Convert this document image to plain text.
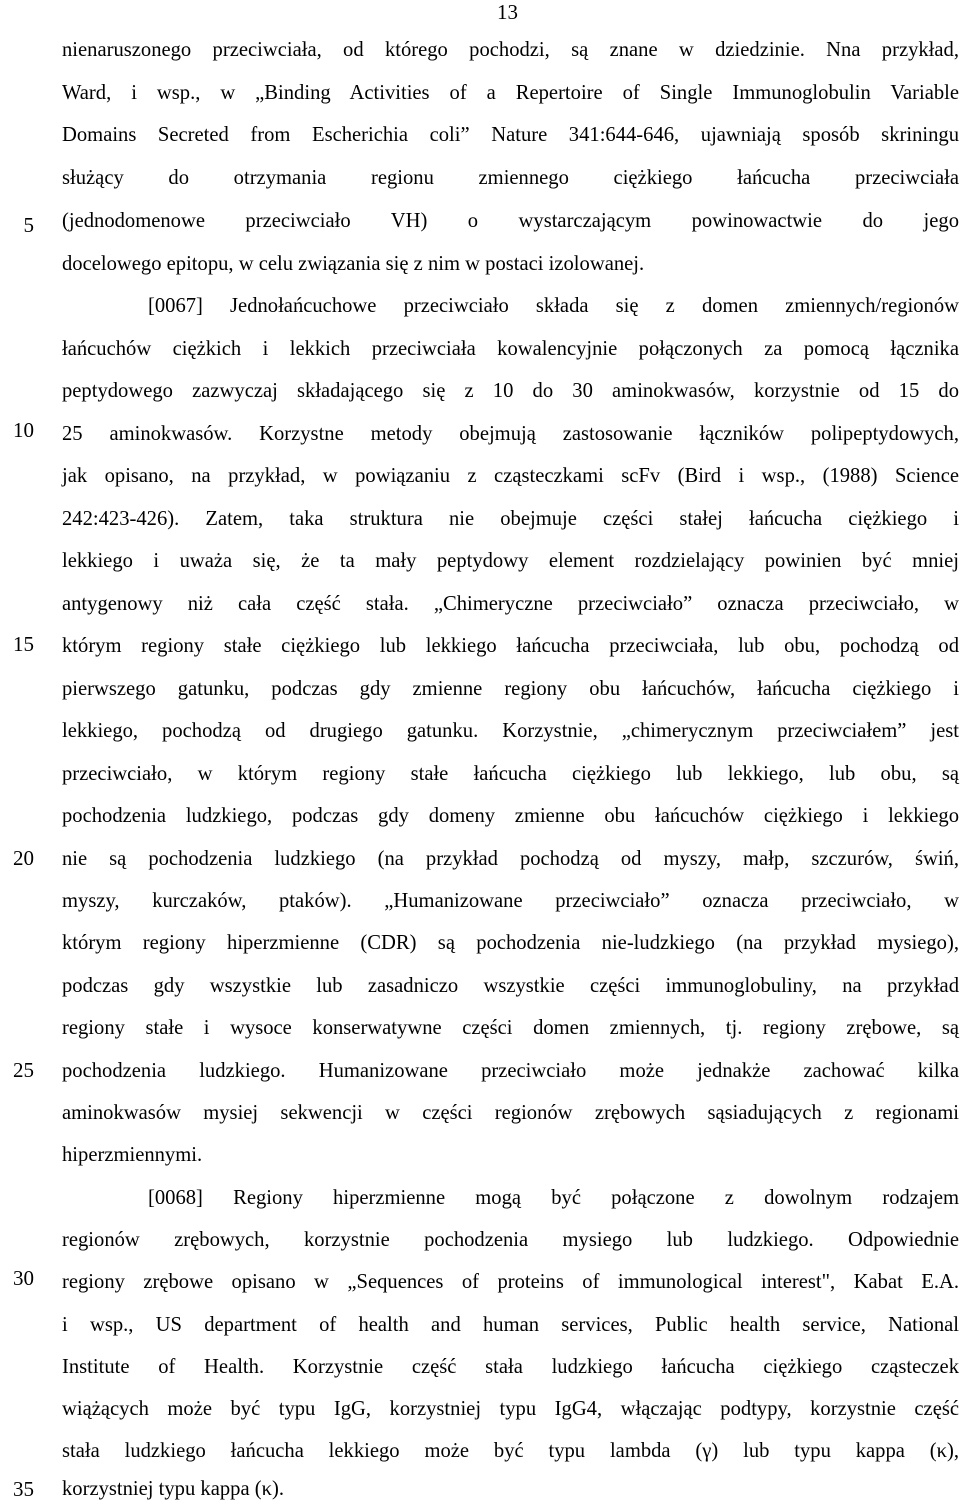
13
5
10
15
20
25
30
35
nienaruszonego przeciwciała, od którego pochodzi, są znane w dziedzinie. Nna przykład,
Ward, i wsp., w „Binding Activities of a Repertoire of Single Immunoglobulin Variable
Domains Secreted from Escherichia coli” Nature 341:644-646, ujawniają sposób skriningu
służący do otrzymania regionu zmiennego ciężkiego łańcucha przeciwciała
(jednodomenowe przeciwciało VH) o wystarczającym powinowactwie do jego
docelowego epitopu, w celu związania się z nim w postaci izolowanej.
[0067] Jednołańcuchowe przeciwciało składa się z domen zmiennych/regionów
łańcuchów ciężkich i lekkich przeciwciała kowalencyjnie połączonych za pomocą łącznika
peptydowego zazwyczaj składającego się z 10 do 30 aminokwasów, korzystnie od 15 do
25 aminokwasów. Korzystne metody obejmują zastosowanie łączników polipeptydowych,
jak opisano, na przykład, w powiązaniu z cząsteczkami scFv (Bird i wsp., (1988) Science
242:423-426). Zatem, taka struktura nie obejmuje części stałej łańcucha ciężkiego i
lekkiego i uważa się, że ta mały peptydowy element rozdzielający powinien być mniej
antygenowy niż cała część stała. „Chimeryczne przeciwciało” oznacza przeciwciało, w
którym regiony stałe ciężkiego lub lekkiego łańcucha przeciwciała, lub obu, pochodzą od
pierwszego gatunku, podczas gdy zmienne regiony obu łańcuchów, łańcucha ciężkiego i
lekkiego, pochodzą od drugiego gatunku. Korzystnie, „chimerycznym przeciwciałem” jest
przeciwciało, w którym regiony stałe łańcucha ciężkiego lub lekkiego, lub obu, są
pochodzenia ludzkiego, podczas gdy domeny zmienne obu łańcuchów ciężkiego i lekkiego
nie są pochodzenia ludzkiego (na przykład pochodzą od myszy, małp, szczurów, świń,
myszy, kurczaków, ptaków). „Humanizowane przeciwciało” oznacza przeciwciało, w
którym regiony hiperzmienne (CDR) są pochodzenia nie-ludzkiego (na przykład mysiego),
podczas gdy wszystkie lub zasadniczo wszystkie części immunoglobuliny, na przykład
regiony stałe i wysoce konserwatywne części domen zmiennych, tj. regiony zrębowe, są
pochodzenia ludzkiego. Humanizowane przeciwciało może jednakże zachować kilka
aminokwasów mysiej sekwencji w części regionów zrębowych sąsiadujących z regionami
hiperzmiennymi.
[0068] Regiony hiperzmienne mogą być połączone z dowolnym rodzajem
regionów zrębowych, korzystnie pochodzenia mysiego lub ludzkiego. Odpowiednie
regiony zrębowe opisano w „Sequences of proteins of immunological interest", Kabat E.A.
i wsp., US department of health and human services, Public health service, National
Institute of Health. Korzystnie część stała ludzkiego łańcucha ciężkiego cząsteczek
wiążących może być typu IgG, korzystniej typu IgG4, włączając podtypy, korzystnie część
stała ludzkiego łańcucha lekkiego może być typu lambda (γ) lub typu kappa (κ),
korzystniej typu kappa (κ).
